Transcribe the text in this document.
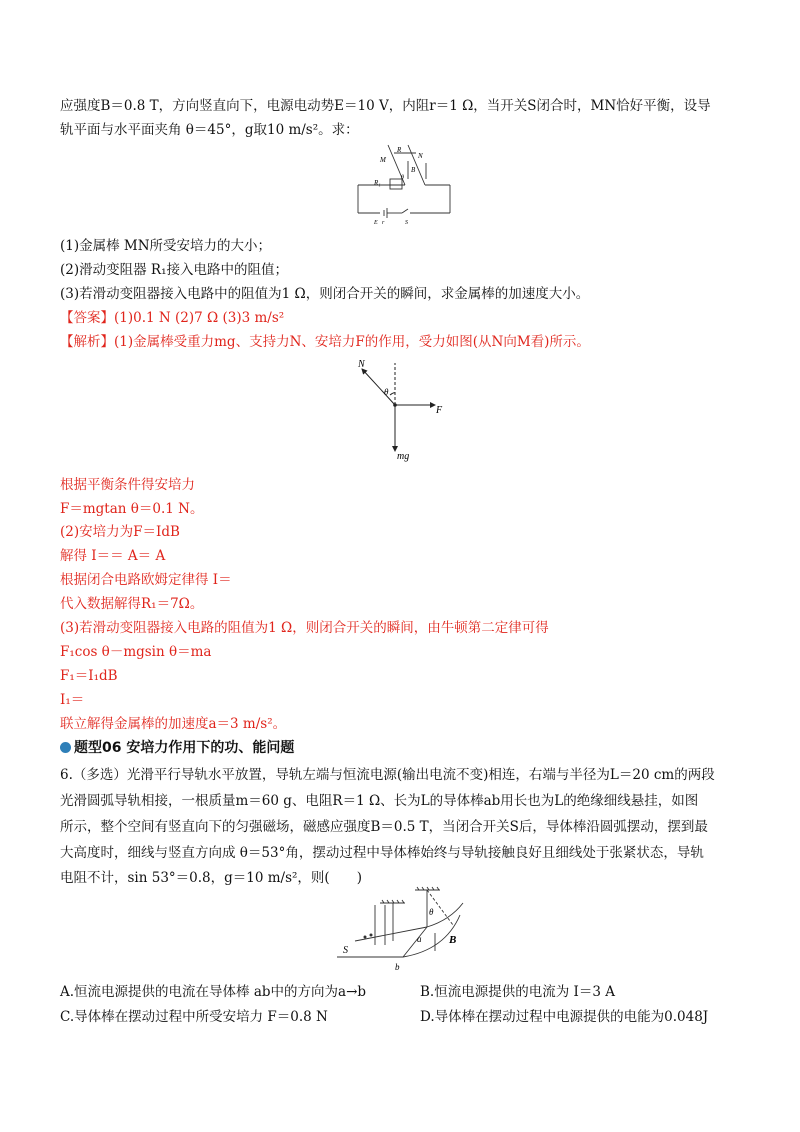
应强度B＝0.8 T，方向竖直向下，电源电动势E＝10 V，内阻r＝1 Ω，当开关S闭合时，MN恰好平衡，设导
轨平面与水平面夹角 θ＝45°，g取10 m/s²。求：
M	N
R
B
θ
R₁
E r	S
(1)金属棒 MN所受安培力的大小；
(2)滑动变阻器 R₁接入电路中的阻值；
(3)若滑动变阻器接入电路中的阻值为1 Ω，则闭合开关的瞬间，求金属棒的加速度大小。
【答案】(1)0.1 N (2)7 Ω (3)3 m/s²
【解析】(1)金属棒受重力mg、支持力N、安培力F的作用，受力如图(从N向M看)所示。
N
θ
F
mg
根据平衡条件得安培力
F＝mgtan θ＝0.1 N。
(2)安培力为F＝IdB
解得 I＝＝ A＝ A
根据闭合电路欧姆定律得 I＝
代入数据解得R₁＝7Ω。
(3)若滑动变阻器接入电路的阻值为1 Ω，则闭合开关的瞬间，由牛顿第二定律可得
F₁cos θ－mgsin θ＝ma
F₁＝I₁dB
I₁＝
联立解得金属棒的加速度a＝3 m/s²。
题型06 安培力作用下的功、能问题
6.（多选）光滑平行导轨水平放置，导轨左端与恒流电源(输出电流不变)相连，右端与半径为L＝20 cm的两段
光滑圆弧导轨相接，一根质量m＝60 g、电阻R＝1 Ω、长为L的导体棒ab用长也为L的绝缘细线悬挂，如图
所示，整个空间有竖直向下的匀强磁场，磁感应强度B＝0.5 T，当闭合开关S后，导体棒沿圆弧摆动，摆到最
大高度时，细线与竖直方向成 θ＝53°角，摆动过程中导体棒始终与导轨接触良好且细线处于张紧状态，导轨
电阻不计，sin 53°＝0.8，g＝10 m/s²，则(　　)
S
a
b
B
θ
A.恒流电源提供的电流在导体棒 ab中的方向为a→b	B.恒流电源提供的电流为 I＝3 A
C.导体棒在摆动过程中所受安培力 F＝0.8 N	D.导体棒在摆动过程中电源提供的电能为0.048J
